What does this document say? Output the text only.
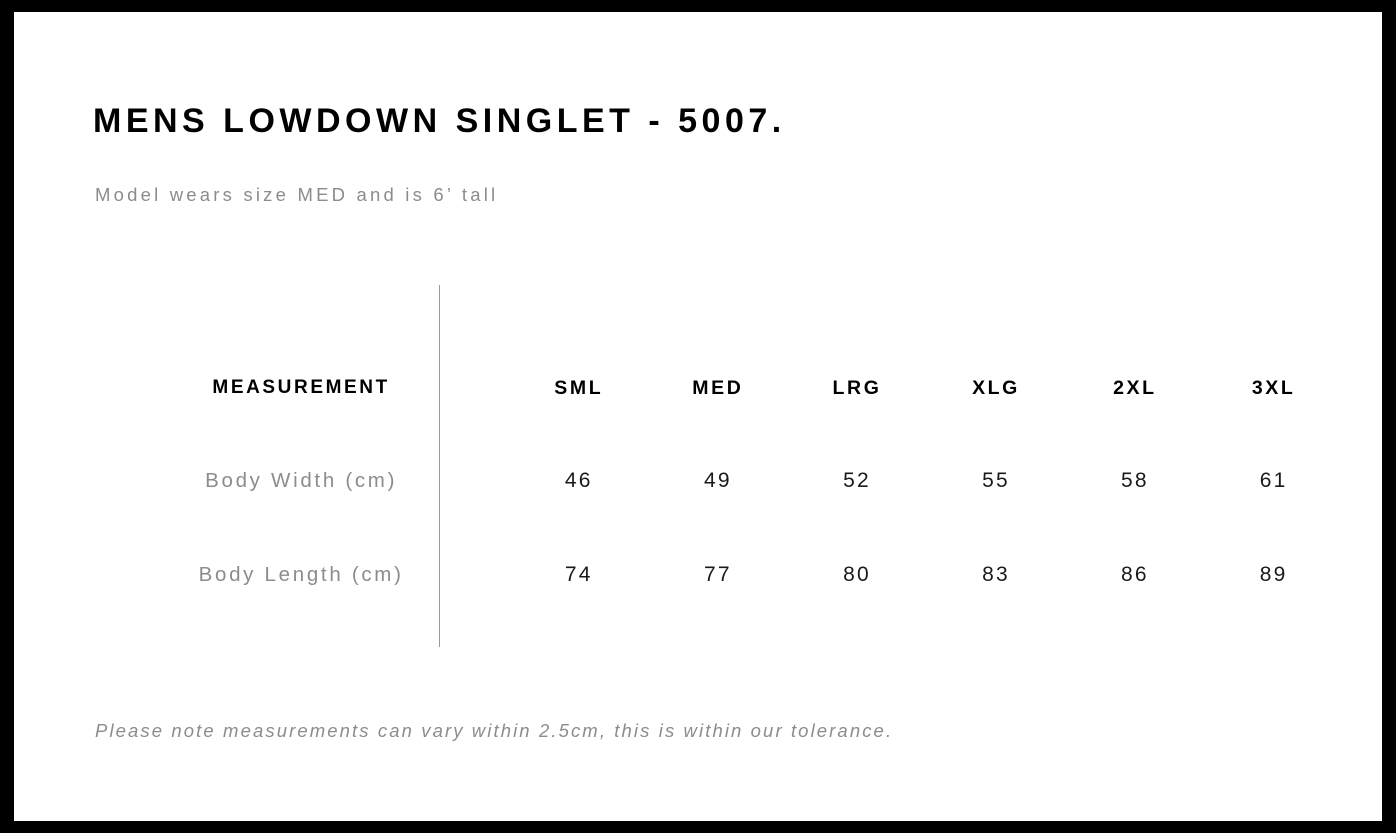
MENS LOWDOWN SINGLET - 5007.
Model wears size MED and is 6’ tall
MEASUREMENT	SML	MED	LRG	XLG	2XL	3XL
Body Width (cm)	46	49	52	55	58	61
Body Length (cm)	74	77	80	83	86	89
Please note measurements can vary within 2.5cm, this is within our tolerance.
